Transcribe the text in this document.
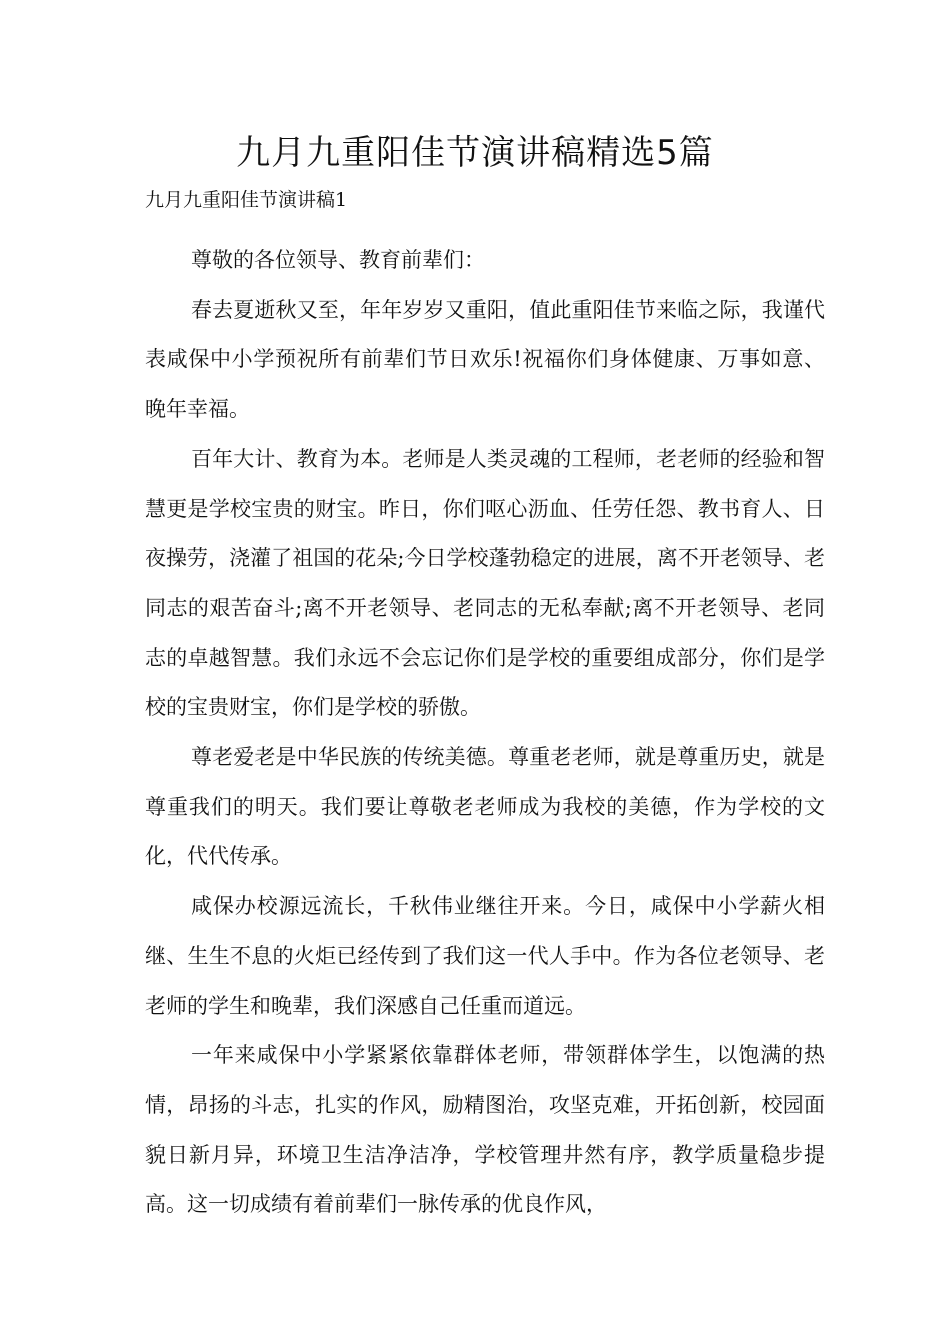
九月九重阳佳节演讲稿精选5篇

九月九重阳佳节演讲稿1

尊敬的各位领导、教育前辈们：

春去夏逝秋又至，年年岁岁又重阳，值此重阳佳节来临之际，我谨代表咸保中小学预祝所有前辈们节日欢乐!祝福你们身体健康、万事如意、晚年幸福。

百年大计、教育为本。老师是人类灵魂的工程师，老老师的经验和智慧更是学校宝贵的财宝。昨日，你们呕心沥血、任劳任怨、教书育人、日夜操劳，浇灌了祖国的花朵;今日学校蓬勃稳定的进展，离不开老领导、老同志的艰苦奋斗;离不开老领导、老同志的无私奉献;离不开老领导、老同志的卓越智慧。我们永远不会忘记你们是学校的重要组成部分，你们是学校的宝贵财宝，你们是学校的骄傲。

尊老爱老是中华民族的传统美德。尊重老老师，就是尊重历史，就是尊重我们的明天。我们要让尊敬老老师成为我校的美德，作为学校的文化，代代传承。

咸保办校源远流长，千秋伟业继往开来。今日，咸保中小学薪火相继、生生不息的火炬已经传到了我们这一代人手中。作为各位老领导、老老师的学生和晚辈，我们深感自己任重而道远。

一年来咸保中小学紧紧依靠群体老师，带领群体学生，以饱满的热情，昂扬的斗志，扎实的作风，励精图治，攻坚克难，开拓创新，校园面貌日新月异，环境卫生洁净洁净，学校管理井然有序，教学质量稳步提高。这一切成绩有着前辈们一脉传承的优良作风，
